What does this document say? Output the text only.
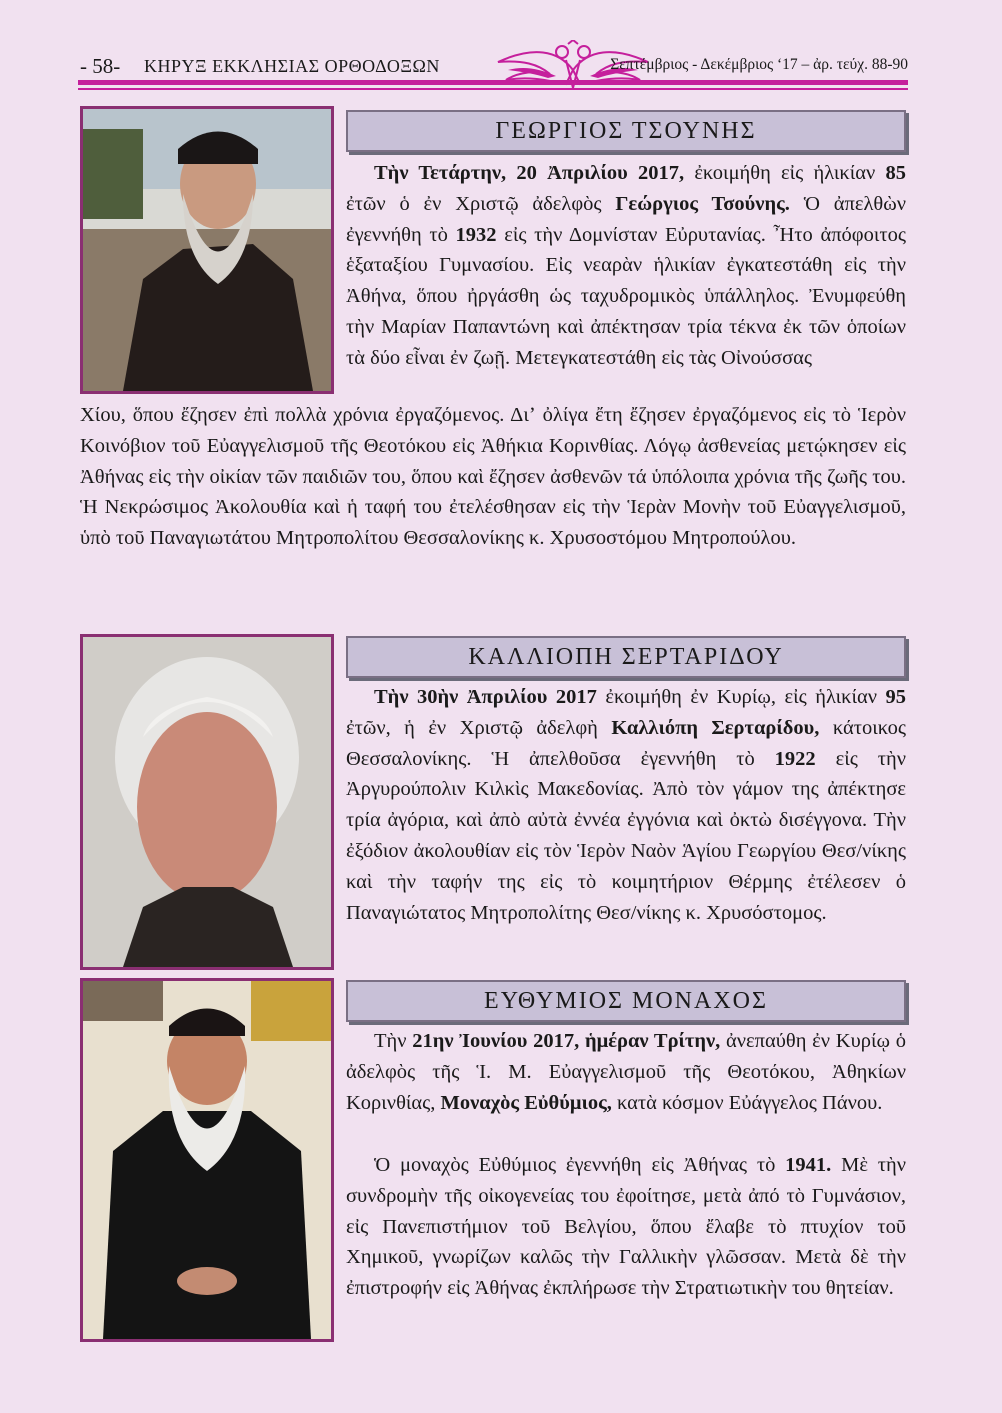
- 58- ΚΗΡΥΞ ΕΚΚΛΗΣΙΑΣ ΟΡΘΟΔΟΞΩΝ	Σεπτέμβριος - Δεκέμβριος ‘17 – ἀρ. τεύχ. 88-90
ΓΕΩΡΓΙΟΣ ΤΣΟΥΝΗΣ

Τὴν Τετάρτην, 20 Ἀπριλίου 2017, ἐκοιμήθη εἰς ἡλικίαν 85 ἐτῶν ὁ ἐν Χριστῷ ἀδελφὸς Γεώργιος Τσούνης. Ὁ ἀπελθὼν ἐγεννήθη τὸ 1932 εἰς τὴν Δομνίσταν Εὐρυτανίας. Ἦτο ἀπόφοιτος ἑξαταξίου Γυμνασίου. Εἰς νεαρὰν ἡλικίαν ἐγκατεστάθη εἰς τὴν Ἀθήνα, ὅπου ἠργάσθη ὡς ταχυδρομικὸς ὑπάλληλος. Ἐνυμφεύθη τὴν Μαρίαν Παπαντώνη καὶ ἀπέκτησαν τρία τέκνα ἐκ τῶν ὁποίων τὰ δύο εἶναι ἐν ζωῇ. Μετεγκατεστάθη εἰς τὰς Οἰνούσσας

Χίου, ὅπου ἔζησεν ἐπὶ πολλὰ χρόνια ἐργαζόμενος. Διʼ ὀλίγα ἔτη ἔζησεν ἐργαζόμενος εἰς τὸ Ἱερὸν Κοινόβιον τοῦ Εὐαγγελισμοῦ τῆς Θεοτόκου εἰς Ἀθήκια Κορινθίας. Λόγῳ ἀσθενείας μετῴκησεν εἰς Ἀθήνας εἰς τὴν οἰκίαν τῶν παιδιῶν του, ὅπου καὶ ἔζησεν ἀσθενῶν τά ὑπόλοιπα χρόνια τῆς ζωῆς του. Ἡ Νεκρώσιμος Ἀκολουθία καὶ ἡ ταφή του ἐτελέσθησαν εἰς τὴν Ἱερὰν Μονὴν τοῦ Εὐαγγελισμοῦ, ὑπὸ τοῦ Παναγιωτάτου Μητροπολίτου Θεσσαλονίκης κ. Χρυσοστόμου Μητροπούλου.

ΚΑΛΛΙΟΠΗ ΣΕΡΤΑΡΙΔΟΥ

Τὴν 30ὴν Ἀπριλίου 2017 ἐκοιμήθη ἐν Κυρίῳ, εἰς ἡλικίαν 95 ἐτῶν, ἡ ἐν Χριστῷ ἀδελφὴ Καλλιόπη Σερταρίδου, κάτοικος Θεσσαλονίκης. Ἡ ἀπελθοῦσα ἐγεννήθη τὸ 1922 εἰς τὴν Ἀργυρούπολιν Κιλκὶς Μακεδονίας. Ἀπὸ τὸν γάμον της ἀπέκτησε τρία ἀγόρια, καὶ ἀπὸ αὐτὰ ἐννέα ἐγγόνια καὶ ὀκτὼ δισέγγονα. Τὴν ἐξόδιον ἀκολουθίαν εἰς τὸν Ἱερὸν Ναὸν Ἁγίου Γεωργίου Θεσ/νίκης καὶ τὴν ταφήν της εἰς τὸ κοιμητήριον Θέρμης ἐτέλεσεν ὁ Παναγιώτατος Μητροπολίτης Θεσ/νίκης κ. Χρυσόστομος.

ΕΥΘΥΜΙΟΣ ΜΟΝΑΧΟΣ

Τὴν 21ην Ἰουνίου 2017, ἡμέραν Τρίτην, ἀνεπαύθη ἐν Κυρίῳ ὁ ἀδελφὸς τῆς Ἱ. Μ. Εὐαγγελισμοῦ τῆς Θεοτόκου, Ἀθηκίων Κορινθίας, Μοναχὸς Εὐθύμιος, κατὰ κόσμον Εὐάγγελος Πάνου.

Ὁ μοναχὸς Εὐθύμιος ἐγεννήθη εἰς Ἀθήνας τὸ 1941. Μὲ τὴν συνδρομὴν τῆς οἰκογενείας του ἐφοίτησε, μετὰ ἀπό τὸ Γυμνάσιον, εἰς Πανεπιστήμιον τοῦ Βελγίου, ὅπου ἔλαβε τὸ πτυχίον τοῦ Χημικοῦ, γνωρίζων καλῶς τὴν Γαλλικὴν γλῶσσαν. Μετὰ δὲ τὴν ἐπιστροφήν εἰς Ἀθήνας ἐκπλήρωσε τὴν Στρατιωτικὴν του θητείαν.
